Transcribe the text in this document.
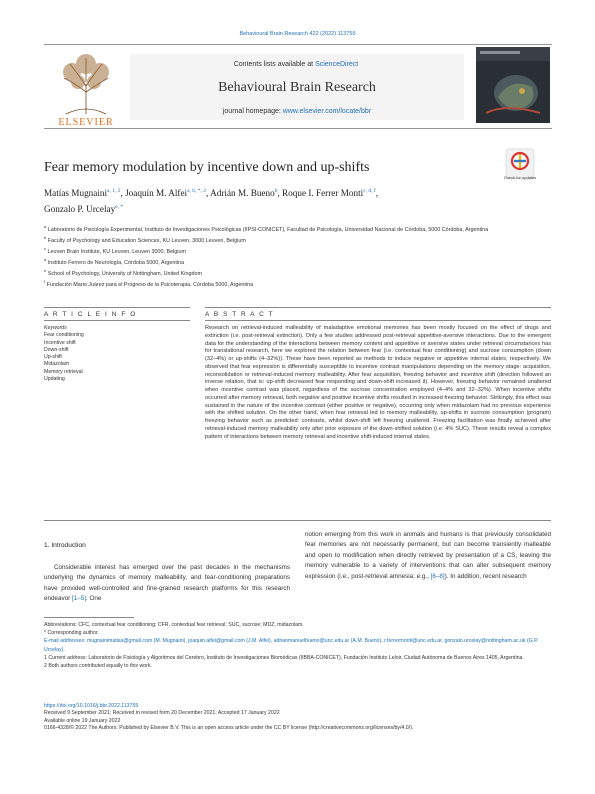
Behavioural Brain Research 422 (2022) 113755
ELSEVIER
Contents lists available at ScienceDirect
Behavioural Brain Research
journal homepage: www.elsevier.com/locate/bbr
Fear memory modulation by incentive down and up-shifts
Check for updates
Matías Mugnaini$^{a, 1, 2}$, Joaquín M. Alfei$^{a, b, *, 2}$, Adrián M. Bueno$^b$, Roque I. Ferrer Monti$^{c, d, f}$,
Gonzalo P. Urcelay$^{e, *}$
$^a$ Laboratorio de Psicología Experimental, Instituto de Investigaciones Psicológicas (IIPSI-CONICET), Facultad de Psicología, Universidad Nacional de Córdoba, 5000 Córdoba, Argentina
$^b$ Faculty of Psychology and Education Sciences, KU Leuven, 3000 Leuven, Belgium
$^c$ Leuven Brain Institute, KU Leuven, Leuven 3000, Belgium
$^d$ Instituto Ferrero de Neurología, Córdoba 5000, Argentina
$^e$ School of Psychology, University of Nottingham, United Kingdom
$^f$ Fundación Mario Juárez para el Progreso de la Psicoterapia, Córdoba 5000, Argentina
A R T I C L E I N F O	A B S T R A C T
Keywords
Fear conditioning
Incentive shift
Down-shift
Up-shift
Midazolam
Memory retrieval
Updating
Research on retrieval-induced malleability of maladaptive emotional memories has been mostly focused on the effect of drugs and extinction (i.e. post-retrieval extinction). Only a few studies addressed post-retrieval appetitive-aversive interactions. Due to the emergent data for the understanding of the interactions between memory content and appetitive or aversive states under retrieval circumstances has for translational research, here we explored the relation between fear (i.e. contextual fear conditioning) and sucrose consumption (down (32–4%) or up-shifts (4–32%)). These have been reported as methods to induce negative or appetitive internal states, respectively. We observed that fear expression is differentially susceptible to incentive contrast manipulations depending on the memory stage: acquisition, reconsolidation or retrieval-induced memory malleability. After fear acquisition, freezing behavior and incentive shift (direction followed an inverse relation, that is: up-shift decreased fear responding and down-shift increased it). However, freezing behavior remained unaltered when incentive contrast was placed, regardless of the sucrose concentration employed (4–4% and 32–32%). When incentive shifts occurred after memory retrieval, both negative and positive incentive shifts resulted in increased freezing behavior. Strikingly, this effect was sustained in the nature of the incentive contrast (either positive or negative), occurring only when midazolam had no previous experience with the shifted solution. On the other hand, when fear retrieval led to memory malleability, up-shifts in sucrose consumption (program) freezing behavior such as predicted: contrasts, whilst down-shift left freezing unaltered. Freezing facilitation was finally achieved after retrieval-induced memory malleability only after prior exposure of the down-shifted solution (i.e. 4% SUC). These results reveal a complex pattern of interactions between memory retrieval and incentive shift-induced internal states.
1. Introduction
Considerable interest has emerged over the past decades in the mechanisms underlying the dynamics of memory malleability, and fear-conditioning preparations have provided well-controlled and fine-grained research platforms for this research endeavor [1–5]. One
notion emerging from this work in animals and humans is that previously consolidated fear memories are not necessarily permanent, but can become transiently malleable and open to modification when directly retrieved by presentation of a CS, leaving the memory vulnerable to a variety of interventions that can alter subsequent memory expression (i.e., post-retrieval amnesia; e.g., [6–8]). In addition, recent research
Abbreviations: CFC, contextual fear conditioning; CFR, contextual fear retrieval; SUC, sucrose; MDZ, midazolam.
* Corresponding author.
E-mail addresses: mugnainimatias@gmail.com (M. Mugnaini), joaquin.alfei@gmail.com (J.M. Alfei), adrianmanuelbueno@unc.edu.ar (A.M. Bueno), r.ferrermonti@unc.edu.ar, gonzalo.urcelay@nottingham.ac.uk (G.P. Urcelay).
1 Current address: Laboratorio de Fisiología y Algoritmos del Cerebro, Instituto de Investigaciones Biomédicas (IIBBA-CONICET), Fundación Instituto Leloir, Ciudad Autónoma de Buenos Aires 1405, Argentina.
2 Both authors contributed equally to this work.
https://doi.org/10.1016/j.bbr.2022.113755
Received 9 September 2021; Received in revised form 20 December 2021; Accepted 17 January 2022
Available online 19 January 2022
0166-4328/© 2022 The Authors. Published by Elsevier B.V. This is an open access article under the CC BY license (http://creativecommons.org/licenses/by/4.0/).
